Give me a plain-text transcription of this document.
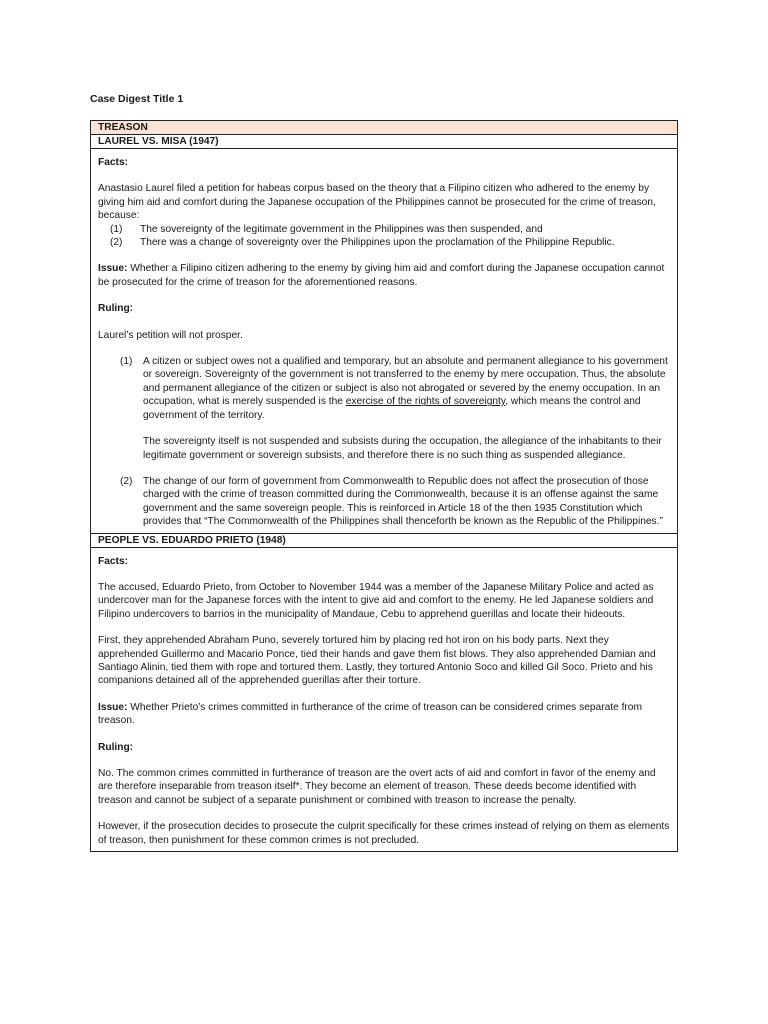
Case Digest Title 1
TREASON
LAUREL VS. MISA (1947)

Facts:

Anastasio Laurel filed a petition for habeas corpus based on the theory that a Filipino citizen who adhered to the enemy by giving him aid and comfort during the Japanese occupation of the Philippines cannot be prosecuted for the crime of treason, because:

(1)	The sovereignty of the legitimate government in the Philippines was then suspended, and
(2)	There was a change of sovereignty over the Philippines upon the proclamation of the Philippine Republic.

Issue: Whether a Filipino citizen adhering to the enemy by giving him aid and comfort during the Japanese occupation cannot be prosecuted for the crime of treason for the aforementioned reasons.

Ruling:

Laurel’s petition will not prosper.

(1)	A citizen or subject owes not a qualified and temporary, but an absolute and permanent allegiance to his government or sovereign. Sovereignty of the government is not transferred to the enemy by mere occupation. Thus, the absolute and permanent allegiance of the citizen or subject is also not abrogated or severed by the enemy occupation. In an occupation, what is merely suspended is the exercise of the rights of sovereignty, which means the control and government of the territory.

The sovereignty itself is not suspended and subsists during the occupation, the allegiance of the inhabitants to their legitimate government or sovereign subsists, and therefore there is no such thing as suspended allegiance.

(2)	The change of our form of government from Commonwealth to Republic does not affect the prosecution of those charged with the crime of treason committed during the Commonwealth, because it is an offense against the same government and the same sovereign people. This is reinforced in Article 18 of the then 1935 Constitution which provides that “The Commonwealth of the Philippines shall thenceforth be known as the Republic of the Philippines.”

PEOPLE VS. EDUARDO PRIETO (1948)

Facts:

The accused, Eduardo Prieto, from October to November 1944 was a member of the Japanese Military Police and acted as undercover man for the Japanese forces with the intent to give aid and comfort to the enemy. He led Japanese soldiers and Filipino undercovers to barrios in the municipality of Mandaue, Cebu to apprehend guerillas and locate their hideouts.

First, they apprehended Abraham Puno, severely tortured him by placing red hot iron on his body parts. Next they apprehended Guillermo and Macario Ponce, tied their hands and gave them fist blows. They also apprehended Damian and Santiago Alinin, tied them with rope and tortured them. Lastly, they tortured Antonio Soco and killed Gil Soco. Prieto and his companions detained all of the apprehended guerillas after their torture.

Issue: Whether Prieto’s crimes committed in furtherance of the crime of treason can be considered crimes separate from treason.

Ruling:

No. The common crimes committed in furtherance of treason are the overt acts of aid and comfort in favor of the enemy and are therefore inseparable from treason itself*. They become an element of treason. These deeds become identified with treason and cannot be subject of a separate punishment or combined with treason to increase the penalty.

However, if the prosecution decides to prosecute the culprit specifically for these crimes instead of relying on them as elements of treason, then punishment for these common crimes is not precluded.
